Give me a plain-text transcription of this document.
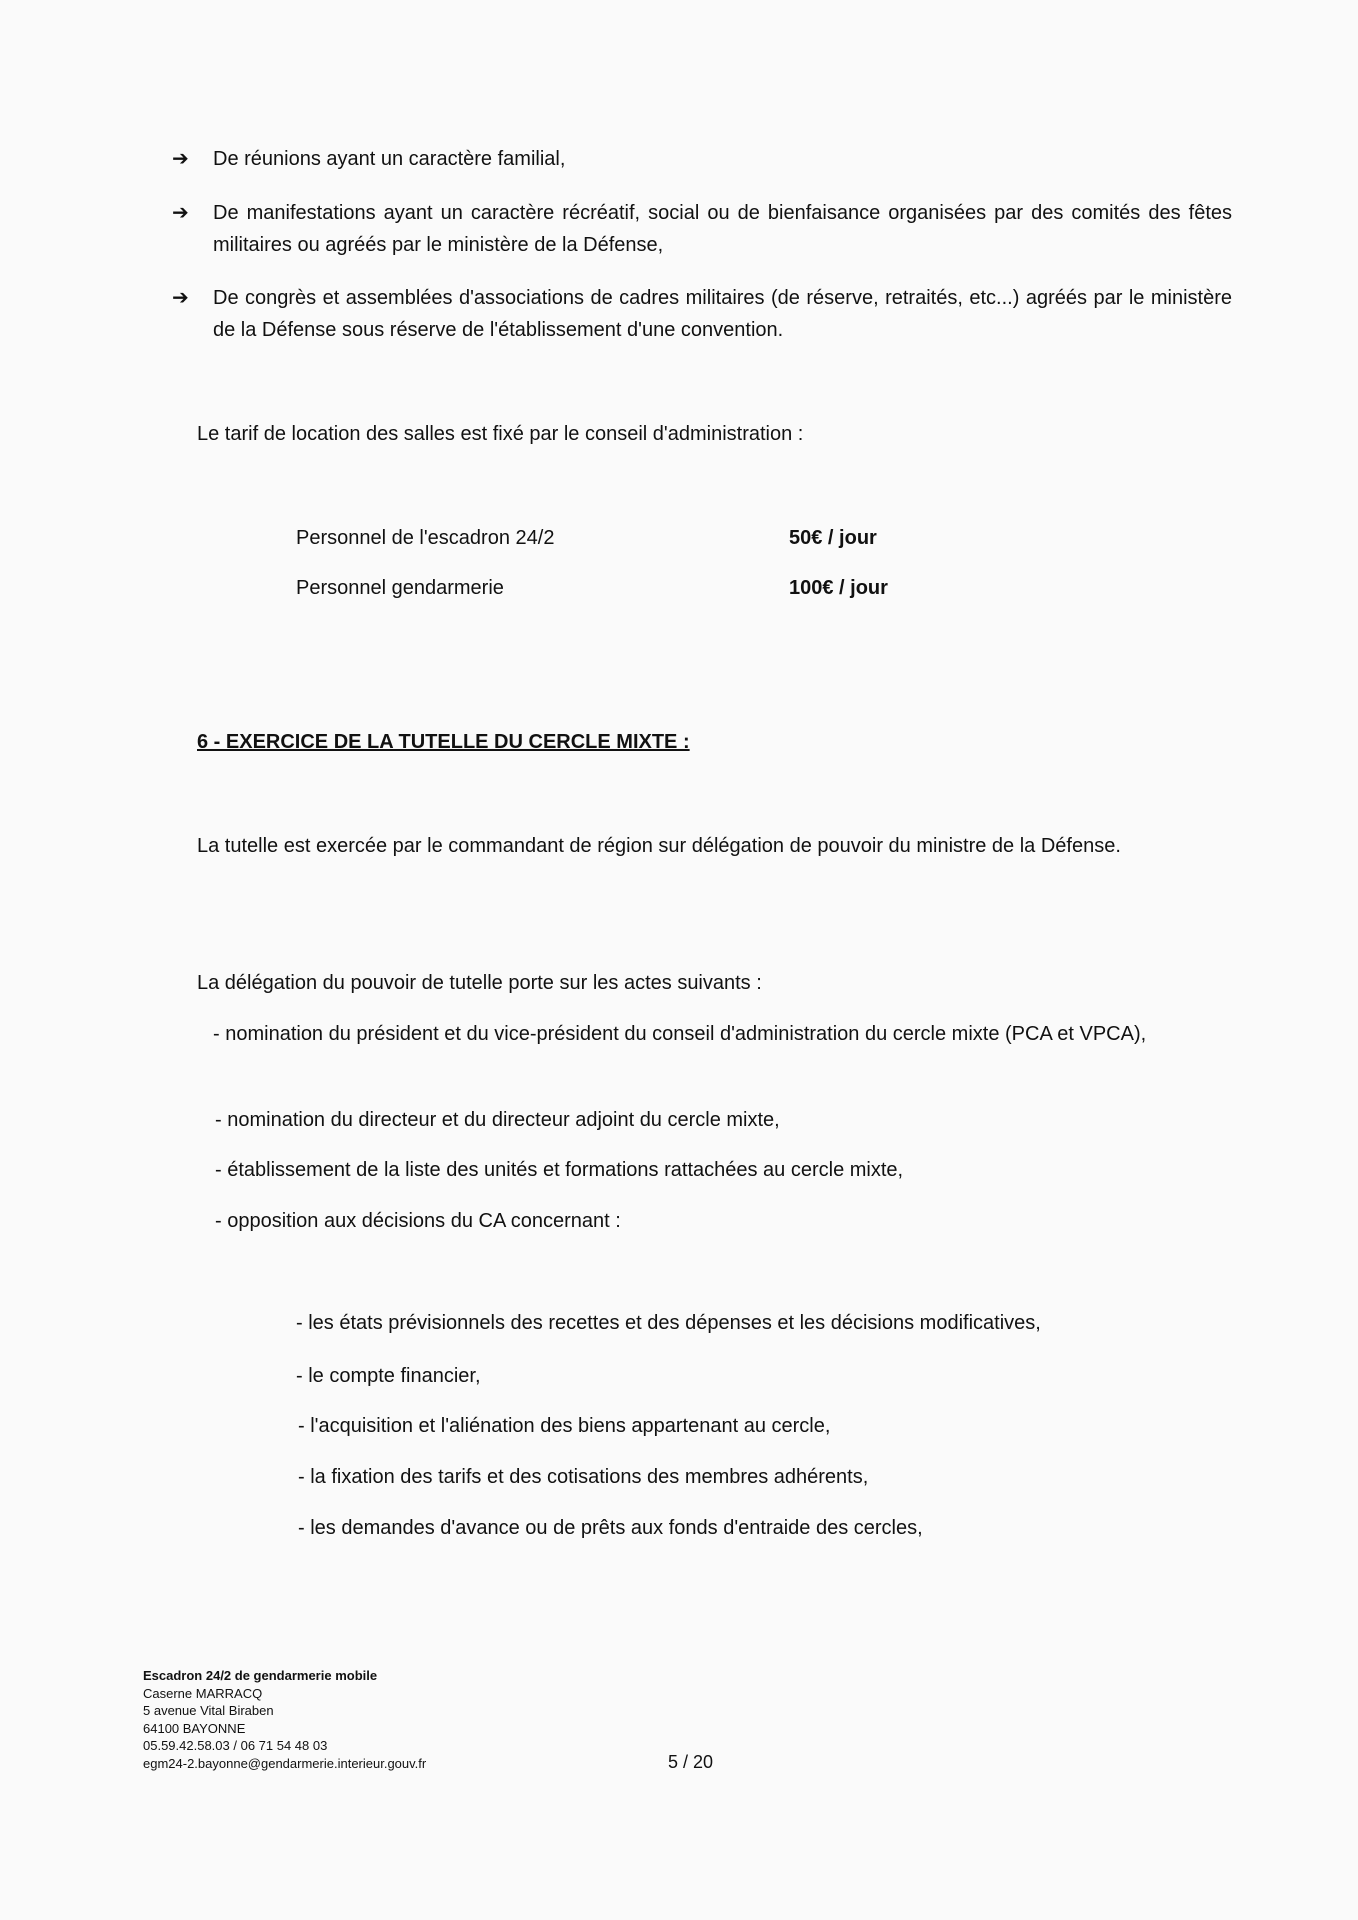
➔ De réunions ayant un caractère familial,
➔ De manifestations ayant un caractère récréatif, social ou de bienfaisance organisées par des comités des fêtes militaires ou agréés par le ministère de la Défense,
➔ De congrès et assemblées d'associations de cadres militaires (de réserve, retraités, etc...) agréés par le ministère de la Défense sous réserve de l'établissement d'une convention.
Le tarif de location des salles est fixé par le conseil d'administration :
Personnel de l'escadron 24/2	50€ / jour
Personnel gendarmerie	100€ / jour
6 - EXERCICE DE LA TUTELLE DU CERCLE MIXTE :
La tutelle est exercée par le commandant de région sur délégation de pouvoir du ministre de la Défense.
La délégation du pouvoir de tutelle porte sur les actes suivants :
- nomination du président et du vice-président du conseil d'administration du cercle mixte (PCA et VPCA),
- nomination du directeur et du directeur adjoint du cercle mixte,
- établissement de la liste des unités et formations rattachées au cercle mixte,
- opposition aux décisions du CA concernant :
- les états prévisionnels des recettes et des dépenses et les décisions modificatives,
- le compte financier,
- l'acquisition et l'aliénation des biens appartenant au cercle,
- la fixation des tarifs et des cotisations des membres adhérents,
- les demandes d'avance ou de prêts aux fonds d'entraide des cercles,
Escadron 24/2 de gendarmerie mobile
Caserne MARRACQ
5 avenue Vital Biraben
64100 BAYONNE
05.59.42.58.03 / 06 71 54 48 03
egm24-2.bayonne@gendarmerie.interieur.gouv.fr	5 / 20
